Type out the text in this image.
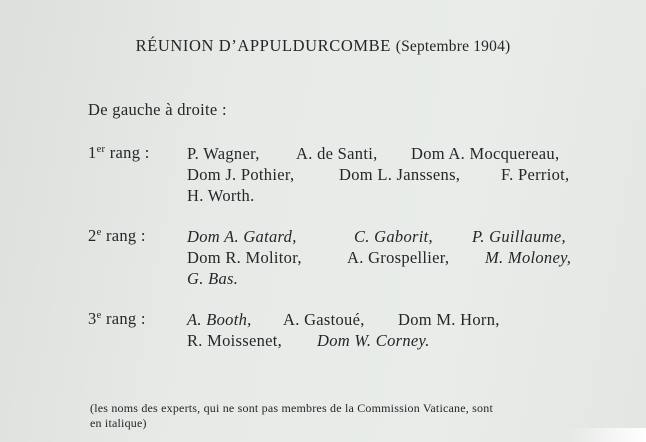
RÉUNION D’APPULDURCOMBE (Septembre 1904)
De gauche à droite :
1er rang :	P. Wagner, A. de Santi, Dom A. Mocquereau,
Dom J. Pothier,	Dom L. Janssens, F. Perriot,
H. Worth.
2e rang :	Dom A. Gatard,	C. Gaborit, P. Guillaume,
Dom R. Molitor,	A. Grospellier, M. Moloney,
G. Bas.
3e rang :	A. Booth, A. Gastoué, Dom M. Horn,
R. Moissenet, Dom W. Corney.
(les noms des experts, qui ne sont pas membres de la Commission Vaticane, sont
en italique)
